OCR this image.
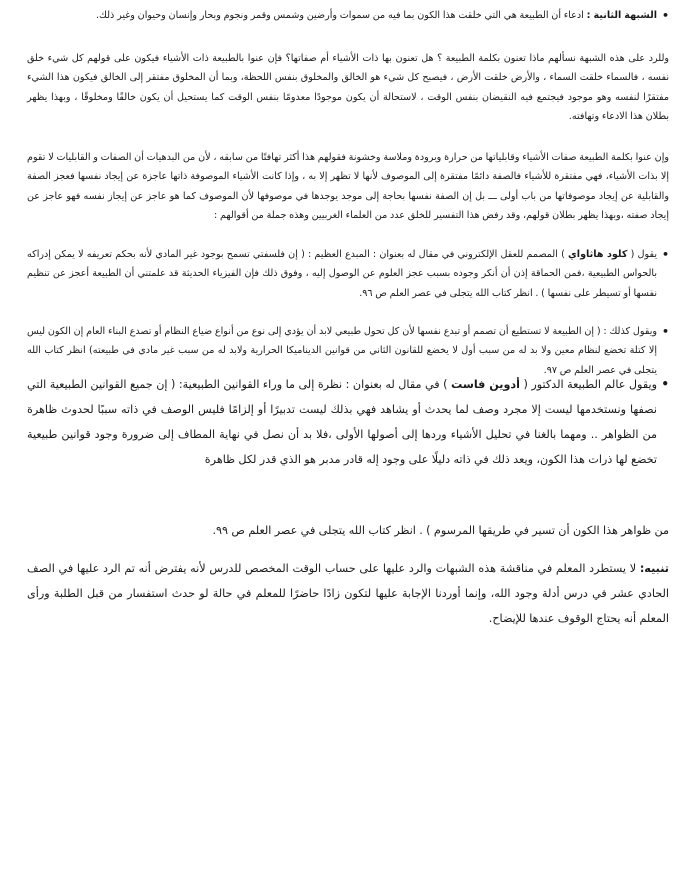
•

الشبهة الثانية : ادعاء أن الطبيعة هي التي خلقت هذا الكون بما فيه من سموات وأرضين وشمس وقمر ونجوم وبحار وإنسان وحيوان وغير ذلك.

وللرد على هذه الشبهة نسألهم ماذا تعنون بكلمة الطبيعة ؟ هل تعنون بها ذات الأشياء أم صفاتها؟ فإن عنوا بالطبيعة ذات الأشياء فيكون على قولهم كل شيء خلق نفسه ، فالسماء خلقت السماء ، والأرض خلقت الأرض ، فيصبح كل شيء هو الخالق والمخلوق بنفس اللحظة، وبما أن المخلوق مفتقر إلى الخالق فيكون هذا الشيء مفتقرًا لنفسه وهو موجود فيجتمع فيه النقيضان بنفس الوقت ، لاستحالة أن يكون موجودًا معدومًا بنفس الوقت كما يستحيل أن يكون خالقًا ومخلوقًا ، وبهذا يظهر بطلان هذا الادعاء وتهافته.

وإن عنوا بكلمة الطبيعة صفات الأشياء وقابلياتها من حرارة وبرودة وملاسة وخشونة فقولهم هذا أكثر تهافتًا من سابقه ، لأن من البدهيات أن الصفات و القابليات لا تقوم إلا بذات الأشياء، فهي مفتقرة للأشياء فالصفة دائمًا مفتقرة إلى الموصوف لأنها لا تظهر إلا به ، وإذا كانت الأشياء الموصوفة ذاتها عاجزة عن إيجاد نفسها فعجز الصفة والقابلية عن إيجاد موصوفاتها من باب أولى ـــ بل إن الصفة نفسها بحاجة إلى موجد يوجدها في موصوفها لأن الموصوف كما هو عاجز عن إيجاز نفسه فهو عاجز عن إيجاد صفته ،وبهذا يظهر بطلان قولهم، وقد رفض هذا التفسير للخلق عدد من العلماء الغربيين وهذه جملة من أقوالهم :

•

يقول ( كلود هاثاواي ) المصمم للعقل الإلكتروني في مقال له بعنوان : المبدع العظيم : ( إن فلسفتي تسمح بوجود غير المادي لأنه بحكم تعريفه لا يمكن إدراكه بالحواس الطبيعية ،فمن الحماقة إذن أن أنكر وجوده بسبب عجز العلوم عن الوصول إليه ، وفوق ذلك فإن الفيزياء الحديثة قد علمتني أن الطبيعة أعجز عن تنظيم نفسها أو تسيطر على نفسها ) . انظر كتاب الله يتجلى في عصر العلم ص ٩٦.

•

ويقول كذلك : ( إن الطبيعة لا تستطيع أن تصمم أو تبدع نفسها لأن كل تحول طبيعي لابد أن يؤدي إلى نوع من أنواع ضياع النظام أو تصدع البناء العام إن الكون ليس إلا كتلة تخضع لنظام معين ولا بد له من سبب أول لا يخضع للقانون الثاني من قوانين الديناميكا الحرارية ولابد له من سبب غير مادي في طبيعته) انظر كتاب الله يتجلى في عصر العلم ص ٩٧.

•

ويقول عالم الطبيعة الدكتور ( أدوين فاست ) في مقال له بعنوان : نظرة إلى ما وراء القوانين الطبيعية: ( إن جميع القوانين الطبيعية التي نصفها ونستخدمها ليست إلا مجرد وصف لما يحدث أو يشاهد فهي بذلك ليست تدبيرًا أو إلزامًا فليس الوصف في ذاته سببًا لحدوث ظاهرة من الظواهر .. ومهما بالغنا في تحليل الأشياء وردها إلى أصولها الأولى ،فلا بد أن نصل في نهاية المطاف إلى ضرورة وجود قوانين طبيعية تخضع لها ذرات هذا الكون، ويعد ذلك في ذاته دليلًا على وجود إله قادر مدبر هو الذي قدر لكل ظاهرة

من ظواهر هذا الكون أن تسير في طريقها المرسوم ) . انظر كتاب الله يتجلى في عصر العلم ص ٩٩.

تنبيه: لا يستطرد المعلم في مناقشة هذه الشبهات والرد عليها على حساب الوقت المخصص للدرس لأنه يفترض أنه تم الرد عليها في الصف الحادي عشر في درس أدلة وجود الله، وإنما أوردنا الإجابة عليها لتكون زادًا حاضرًا للمعلم في حالة لو حدث استفسار من قبل الطلبة ورأى المعلم أنه يحتاج الوقوف عندها للإيضاح.
